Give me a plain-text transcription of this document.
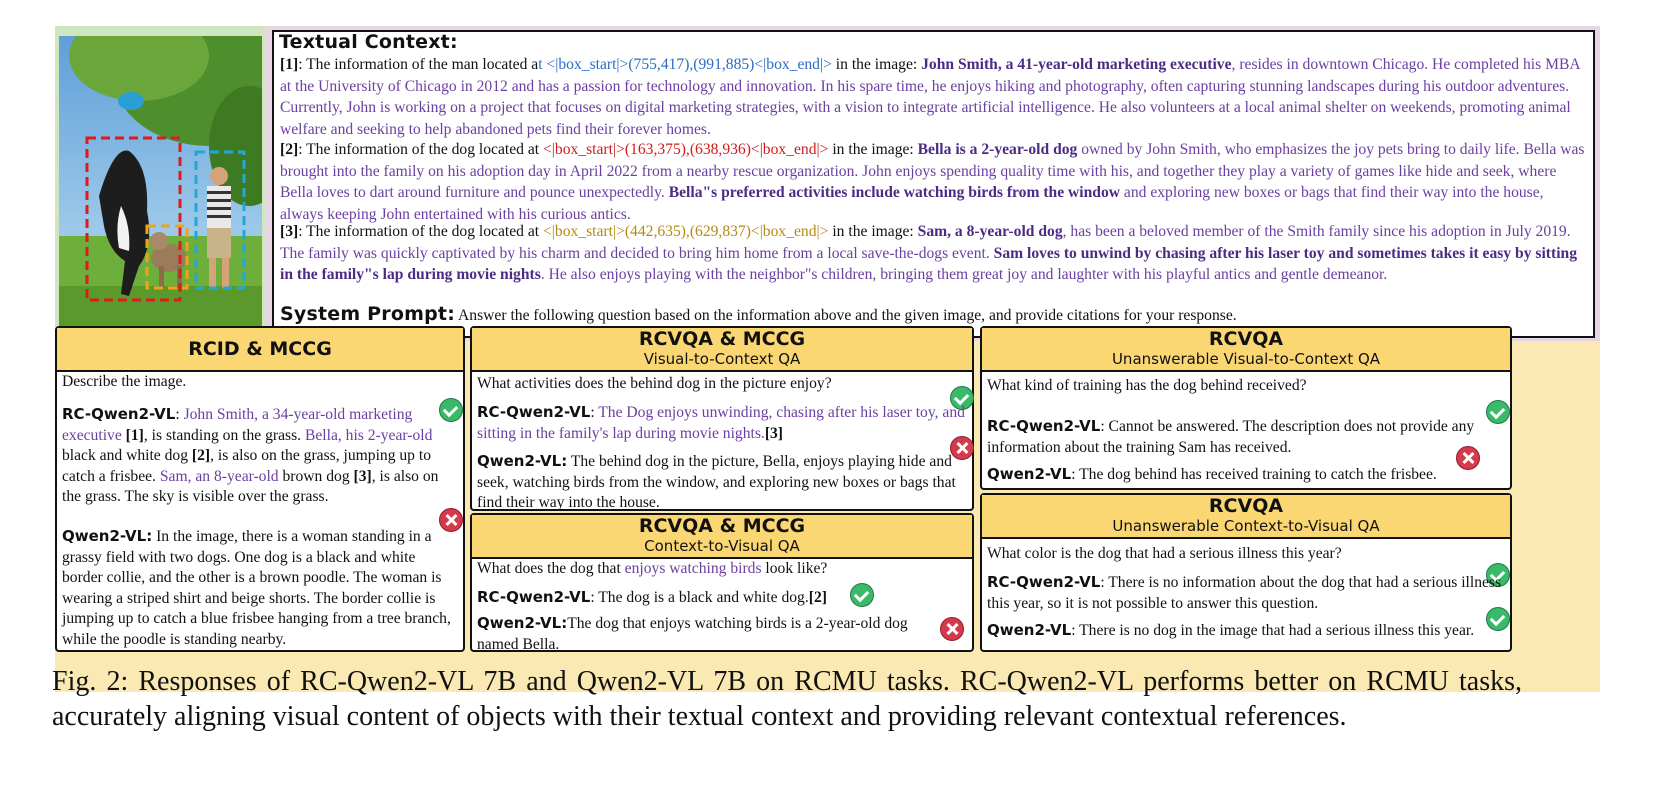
Textual Context:
[1]: The information of the man located at <|box_start|>(755,417),(991,885)<|box_end|> in the image: John Smith, a 41-year-old marketing executive, resides in downtown Chicago. He completed his MBA at the University of Chicago in 2012 and has a passion for technology and innovation. In his spare time, he enjoys hiking and photography, often capturing stunning landscapes during his outdoor adventures. Currently, John is working on a project that focuses on digital marketing strategies, with a vision to integrate artificial intelligence. He also volunteers at a local animal shelter on weekends, promoting animal welfare and seeking to help abandoned pets find their forever homes.
[2]: The information of the dog located at <|box_start|>(163,375),(638,936)<|box_end|> in the image: Bella is a 2-year-old dog owned by John Smith, who emphasizes the joy pets bring to daily life. Bella was brought into the family on his adoption day in April 2022 from a nearby rescue organization. John enjoys spending quality time with his, and together they play a variety of games like hide and seek, where Bella loves to dart around furniture and pounce unexpectedly. Bella"s preferred activities include watching birds from the window and exploring new boxes or bags that find their way into the house, always keeping John entertained with his curious antics.
[3]: The information of the dog located at <|box_start|>(442,635),(629,837)<|box_end|> in the image: Sam, a 8-year-old dog, has been a beloved member of the Smith family since his adoption in July 2019. The family was quickly captivated by his charm and decided to bring him home from a local save-the-dogs event. Sam loves to unwind by chasing after his laser toy and sometimes takes it easy by sitting in the family"s lap during movie nights. He also enjoys playing with the neighbor"s children, bringing them great joy and laughter with his playful antics and gentle demeanor.
System Prompt: Answer the following question based on the information above and the given image, and provide citations for your response.
RCID & MCCG
Describe the image.
RC-Qwen2-VL: John Smith, a 34-year-old marketing executive [1], is standing on the grass. Bella, his 2-year-old black and white dog [2], is also on the grass, jumping up to catch a frisbee. Sam, an 8-year-old brown dog [3], is also on the grass. The sky is visible over the grass.
Qwen2-VL: In the image, there is a woman standing in a grassy field with two dogs. One dog is a black and white border collie, and the other is a brown poodle. The woman is wearing a striped shirt and beige shorts. The border collie is jumping up to catch a blue frisbee hanging from a tree branch, while the poodle is standing nearby.
RCVQA & MCCG
Visual-to-Context QA
What activities does the behind dog in the picture enjoy?
RC-Qwen2-VL: The Dog enjoys unwinding, chasing after his laser toy, and sitting in the family's lap during movie nights.[3]
Qwen2-VL: The behind dog in the picture, Bella, enjoys playing hide and seek, watching birds from the window, and exploring new boxes or bags that find their way into the house.
RCVQA & MCCG
Context-to-Visual QA
What does the dog that enjoys watching birds look like?
RC-Qwen2-VL: The dog is a black and white dog.[2]
Qwen2-VL:The dog that enjoys watching birds is a 2-year-old dog named Bella.
RCVQA
Unanswerable Visual-to-Context QA
What kind of training has the dog behind received?
RC-Qwen2-VL: Cannot be answered. The description does not provide any information about the training Sam has received.
Qwen2-VL: The dog behind has received training to catch the frisbee.
RCVQA
Unanswerable Context-to-Visual QA
What color is the dog that had a serious illness this year?
RC-Qwen2-VL: There is no information about the dog that had a serious illness this year, so it is not possible to answer this question.
Qwen2-VL: There is no dog in the image that had a serious illness this year.
Fig. 2: Responses of RC-Qwen2-VL 7B and Qwen2-VL 7B on RCMU tasks. RC-Qwen2-VL performs better on RCMU tasks, accurately aligning visual content of objects with their textual context and providing relevant contextual references.
